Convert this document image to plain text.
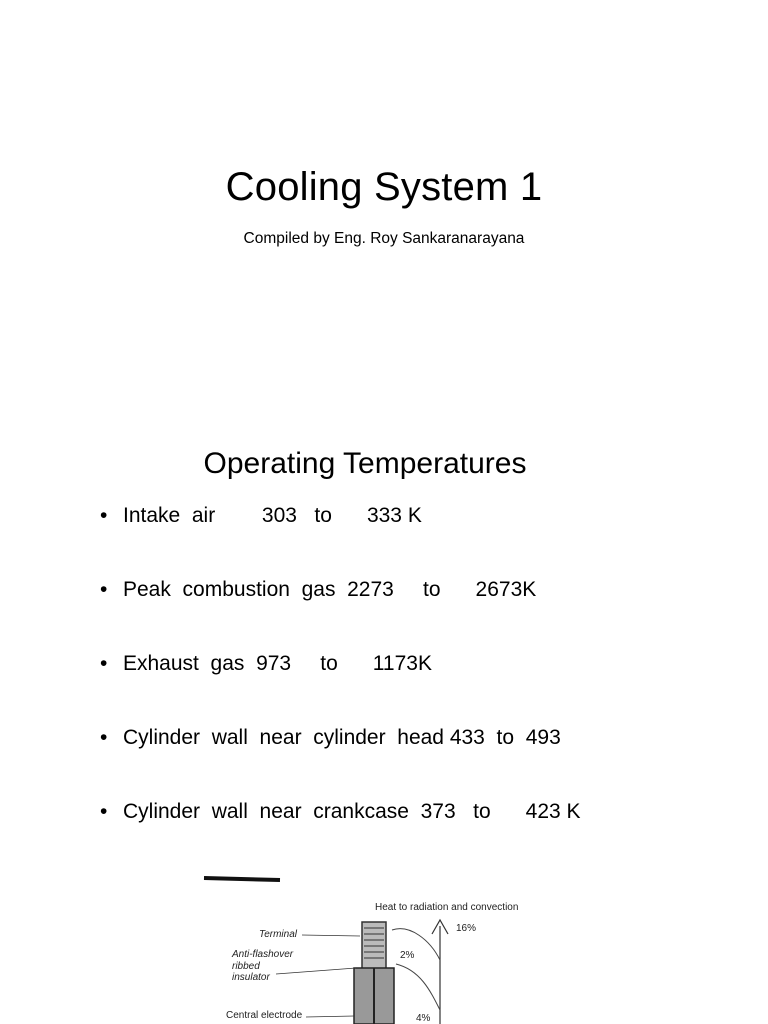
Cooling System 1
Compiled by Eng. Roy Sankaranarayana
Operating Temperatures

•

Intake  air        303   to      333 K

•

Peak  combustion  gas  2273     to      2673K

•

Exhaust  gas  973     to      1173K

•

Cylinder  wall  near  cylinder  head 433  to  493

•

Cylinder  wall  near  crankcase  373   to      423 K

Heat to radiation and convection
Terminal
Anti-flashover
ribbed
insulator
Central electrode
16%
2%
4%
